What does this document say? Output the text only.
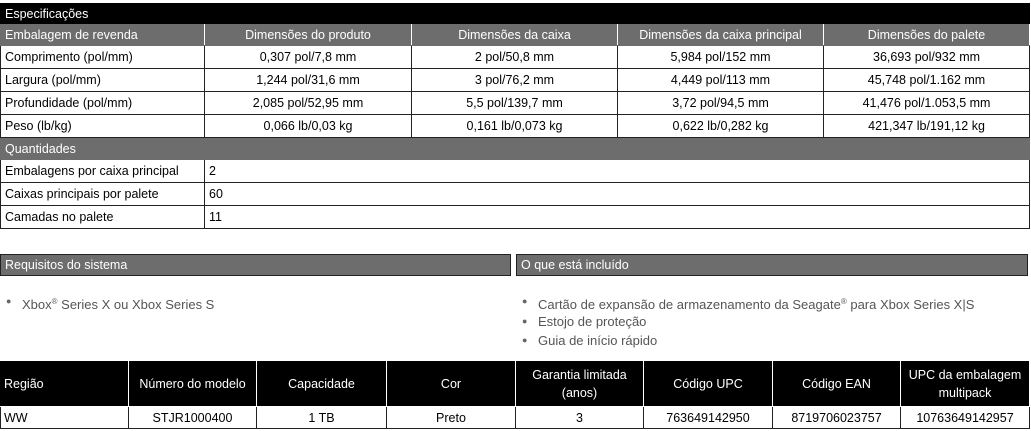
Especificações				
Embalagem de revenda	Dimensões do produto	Dimensões da caixa	Dimensões da caixa principal	Dimensões do palete
Comprimento (pol/mm)	0,307 pol/7,8 mm	2 pol/50,8 mm	5,984 pol/152 mm	36,693 pol/932 mm
Largura (pol/mm)	1,244 pol/31,6 mm	3 pol/76,2 mm	4,449 pol/113 mm	45,748 pol/1.162 mm
Profundidade (pol/mm)	2,085 pol/52,95 mm	5,5 pol/139,7 mm	3,72 pol/94,5 mm	41,476 pol/1.053,5 mm
Peso (lb/kg)	0,066 lb/0,03 kg	0,161 lb/0,073 kg	0,622 lb/0,282 kg	421,347 lb/191,12 kg
Quantidades				
Embalagens por caixa principal	2			
Caixas principais por palete	60			
Camadas no palete	11			
Requisitos do sistema	O que está incluído
● Xbox® Series X ou Xbox Series S	● Cartão de expansão de armazenamento da Seagate® para Xbox Series X|S
● Estojo de proteção
● Guia de início rápido
Região	Número do modelo	Capacidade	Cor	Garantia limitada (anos)	Código UPC	Código EAN	UPC da embalagem multipack
WW	STJR1000400	1 TB	Preto	3	763649142950	8719706023757	10763649142957
